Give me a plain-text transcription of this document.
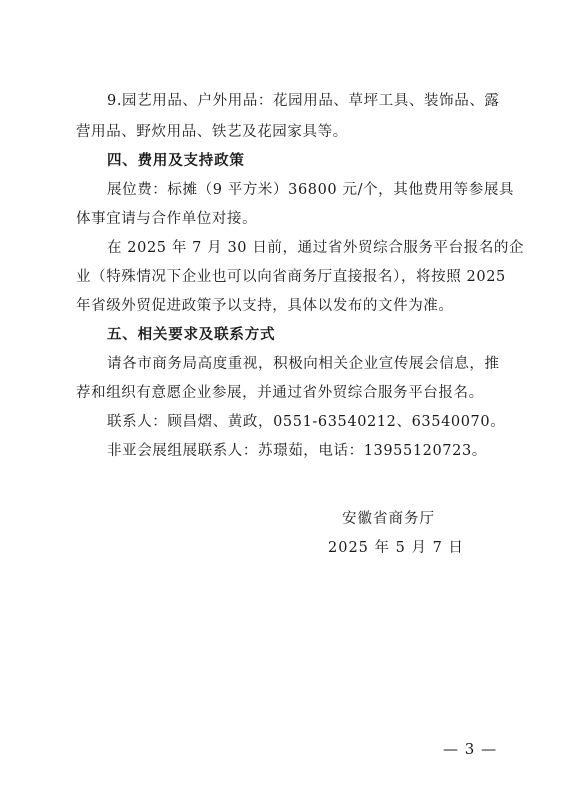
9.园艺用品、户外用品：花园用品、草坪工具、装饰品、露
营用品、野炊用品、铁艺及花园家具等。
四、费用及支持政策
展位费：标摊（9 平方米）36800 元/个，其他费用等参展具
体事宜请与合作单位对接。
在 2025 年 7 月 30 日前，通过省外贸综合服务平台报名的企
业（特殊情况下企业也可以向省商务厅直接报名），将按照 2025
年省级外贸促进政策予以支持，具体以发布的文件为准。
五、相关要求及联系方式
请各市商务局高度重视，积极向相关企业宣传展会信息，推
荐和组织有意愿企业参展，并通过省外贸综合服务平台报名。
联系人：顾昌熠、黄政，0551-63540212、63540070。
非亚会展组展联系人：苏璟茹，电话：13955120723。
安徽省商务厅
2025 年 5 月 7 日
— 3 —
